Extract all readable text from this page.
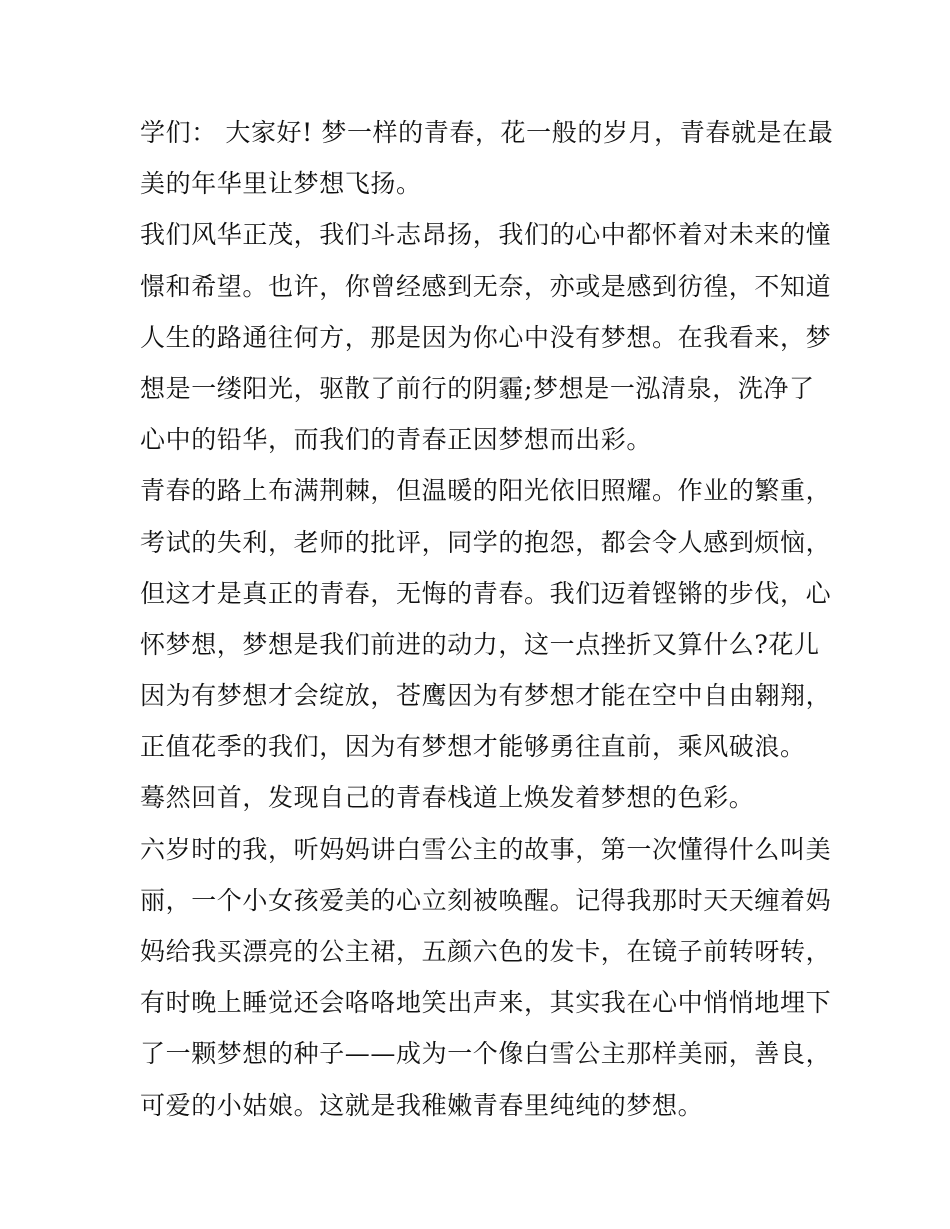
学们： 大家好! 梦一样的青春，花一般的岁月，青春就是在最
美的年华里让梦想飞扬。
我们风华正茂，我们斗志昂扬，我们的心中都怀着对未来的憧
憬和希望。也许，你曾经感到无奈，亦或是感到彷徨，不知道
人生的路通往何方，那是因为你心中没有梦想。在我看来，梦
想是一缕阳光，驱散了前行的阴霾;梦想是一泓清泉，洗净了
心中的铅华，而我们的青春正因梦想而出彩。
青春的路上布满荆棘，但温暖的阳光依旧照耀。作业的繁重，
考试的失利，老师的批评，同学的抱怨，都会令人感到烦恼，
但这才是真正的青春，无悔的青春。我们迈着铿锵的步伐，心
怀梦想，梦想是我们前进的动力，这一点挫折又算什么?花儿
因为有梦想才会绽放，苍鹰因为有梦想才能在空中自由翱翔，
正值花季的我们，因为有梦想才能够勇往直前，乘风破浪。
蓦然回首，发现自己的青春栈道上焕发着梦想的色彩。
六岁时的我，听妈妈讲白雪公主的故事，第一次懂得什么叫美
丽，一个小女孩爱美的心立刻被唤醒。记得我那时天天缠着妈
妈给我买漂亮的公主裙，五颜六色的发卡，在镜子前转呀转，
有时晚上睡觉还会咯咯地笑出声来，其实我在心中悄悄地埋下
了一颗梦想的种子——成为一个像白雪公主那样美丽，善良，
可爱的小姑娘。这就是我稚嫩青春里纯纯的梦想。
